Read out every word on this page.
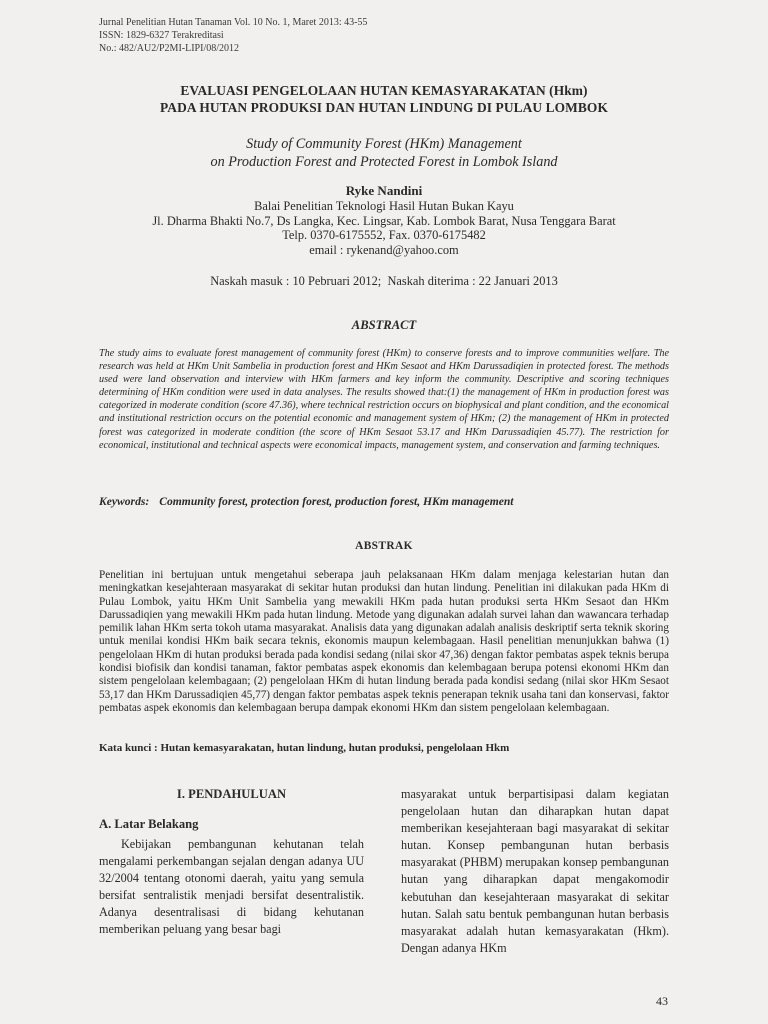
Jurnal Penelitian Hutan Tanaman Vol. 10 No. 1, Maret 2013: 43-55
ISSN: 1829-6327 Terakreditasi
No.: 482/AU2/P2MI-LIPI/08/2012
EVALUASI PENGELOLAAN HUTAN KEMASYARAKATAN (Hkm)
PADA HUTAN PRODUKSI DAN HUTAN LINDUNG DI PULAU LOMBOK
Study of Community Forest (HKm) Management
on Production Forest and Protected Forest in Lombok Island
Ryke Nandini
Balai Penelitian Teknologi Hasil Hutan Bukan Kayu
Jl. Dharma Bhakti No.7, Ds Langka, Kec. Lingsar, Kab. Lombok Barat, Nusa Tenggara Barat
Telp. 0370-6175552, Fax. 0370-6175482
email : rykenand@yahoo.com
Naskah masuk : 10 Pebruari 2012;  Naskah diterima : 22 Januari 2013
ABSTRACT
The study aims to evaluate forest management of community forest (HKm) to conserve forests and to improve communities welfare. The research was held at HKm Unit Sambelia in production forest and HKm Sesaot and HKm Darussadiqien in protected forest. The methods used were land observation and interview with HKm farmers and key inform the community. Descriptive and scoring techniques determining of HKm condition were used in data analyses. The results showed that:(1) the management of HKm in production forest was categorized in moderate condition (score 47.36), where technical restriction occurs on biophysical and plant condition, and the economical and institutional restriction occurs on the potential economic and management system of HKm; (2) the management of HKm in protected forest was categorized in moderate condition (the score of HKm Sesaot 53.17 and HKm Darussadiqien 45.77). The restriction for economical, institutional and technical aspects were economical impacts, management system, and conservation and farming techniques.
Keywords: Community forest, protection forest, production forest, HKm management
ABSTRAK
Penelitian ini bertujuan untuk mengetahui seberapa jauh pelaksanaan HKm dalam menjaga kelestarian hutan dan meningkatkan kesejahteraan masyarakat di sekitar hutan produksi dan hutan lindung. Penelitian ini dilakukan pada HKm di Pulau Lombok, yaitu HKm Unit Sambelia yang mewakili HKm pada hutan produksi serta HKm Sesaot dan HKm Darussadiqien yang mewakili HKm pada hutan lindung. Metode yang digunakan adalah survei lahan dan wawancara terhadap pemilik lahan HKm serta tokoh utama masyarakat. Analisis data yang digunakan adalah analisis deskriptif serta teknik skoring untuk menilai kondisi HKm baik secara teknis, ekonomis maupun kelembagaan. Hasil penelitian menunjukkan bahwa (1) pengelolaan HKm di hutan produksi berada pada kondisi sedang (nilai skor 47,36) dengan faktor pembatas aspek teknis berupa kondisi biofisik dan kondisi tanaman, faktor pembatas aspek ekonomis dan kelembagaan berupa potensi ekonomi HKm dan sistem pengelolaan kelembagaan; (2) pengelolaan HKm di hutan lindung berada pada kondisi sedang (nilai skor HKm Sesaot 53,17 dan HKm Darussadiqien 45,77) dengan faktor pembatas aspek teknis penerapan teknik usaha tani dan konservasi, faktor pembatas aspek ekonomis dan kelembagaan berupa dampak ekonomi HKm dan sistem pengelolaan kelembagaan.
Kata kunci : Hutan kemasyarakatan, hutan lindung, hutan produksi, pengelolaan Hkm
I. PENDAHULUAN
A. Latar Belakang
Kebijakan pembangunan kehutanan telah mengalami perkembangan sejalan dengan adanya UU 32/2004 tentang otonomi daerah, yaitu yang semula bersifat sentralistik menjadi bersifat desentralistik. Adanya desentralisasi di bidang kehutanan memberikan peluang yang besar bagi
masyarakat untuk berpartisipasi dalam kegiatan pengelolaan hutan dan diharapkan hutan dapat memberikan kesejahteraan bagi masyarakat di sekitar hutan. Konsep pembangunan hutan berbasis masyarakat (PHBM) merupakan konsep pembangunan hutan yang diharapkan dapat mengakomodir kebutuhan dan kesejahteraan masyarakat di sekitar hutan. Salah satu bentuk pembangunan hutan berbasis masyarakat adalah hutan kemasyarakatan (Hkm). Dengan adanya HKm
43
